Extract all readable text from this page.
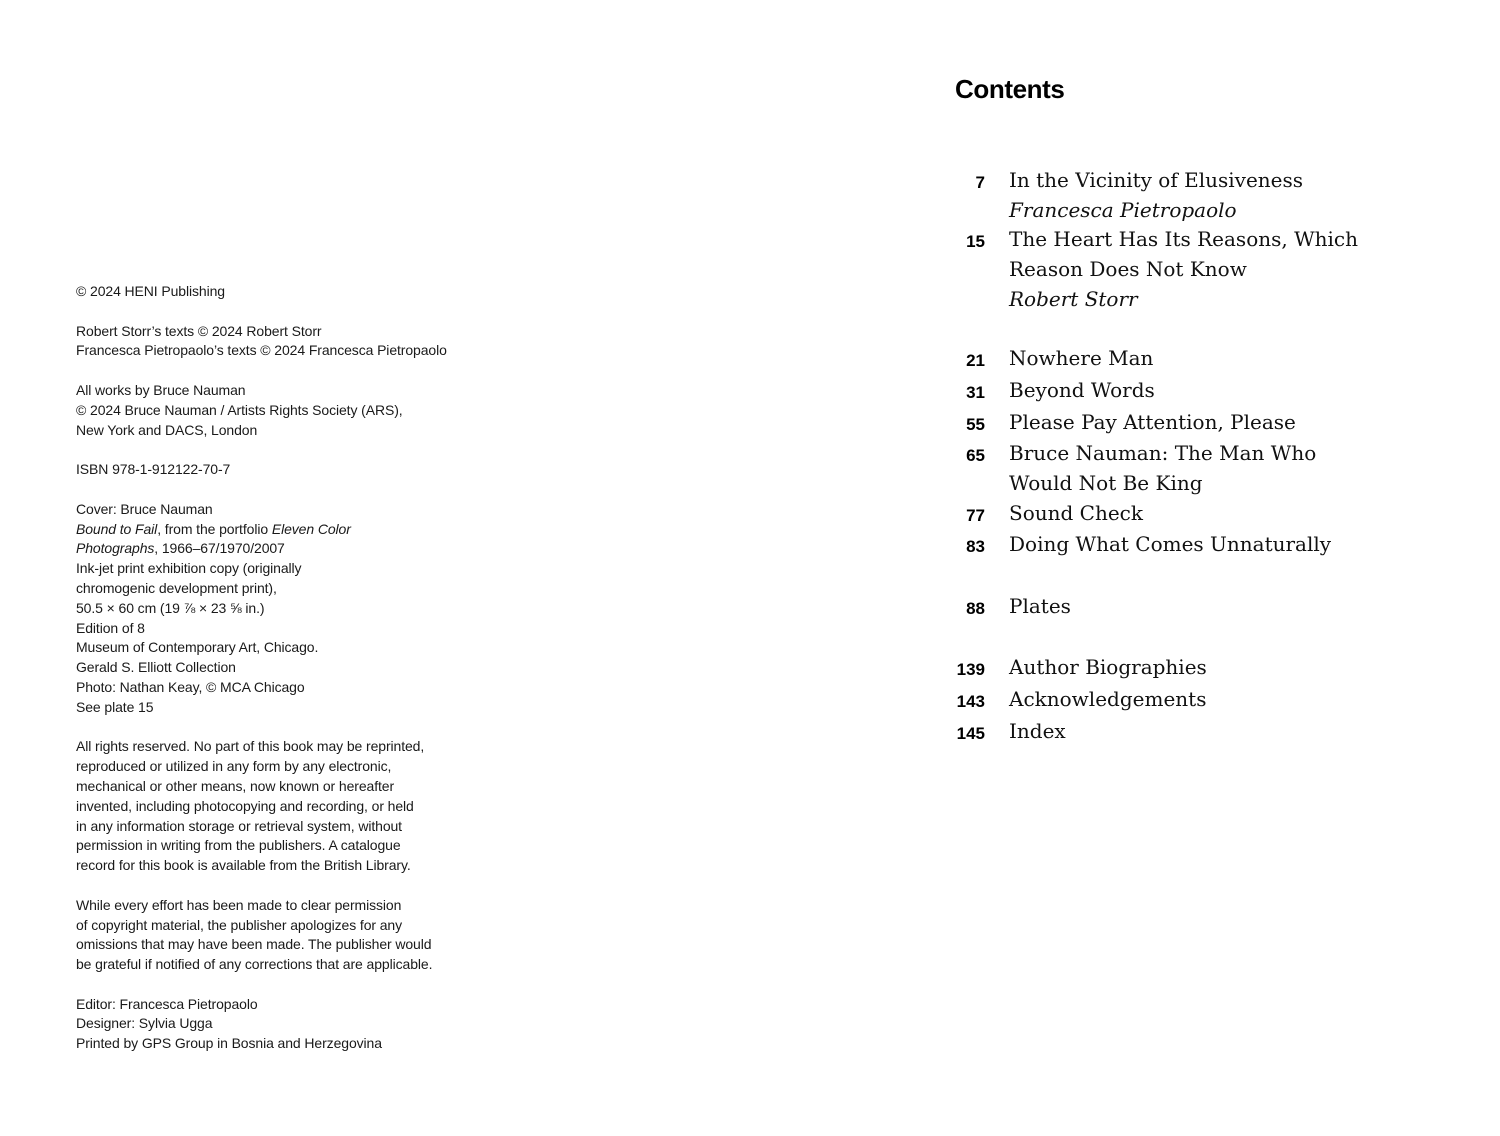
© 2024 HENI Publishing

Robert Storr’s texts © 2024 Robert Storr
Francesca Pietropaolo’s texts © 2024 Francesca Pietropaolo

All works by Bruce Nauman
© 2024 Bruce Nauman / Artists Rights Society (ARS),
New York and DACS, London

ISBN 978-1-912122-70-7

Cover: Bruce Nauman
Bound to Fail, from the portfolio Eleven Color
Photographs, 1966–67/1970/2007
Ink-jet print exhibition copy (originally
chromogenic development print),
50.5 × 60 cm (19 ⅞ × 23 ⅝ in.)
Edition of 8
Museum of Contemporary Art, Chicago.
Gerald S. Elliott Collection
Photo: Nathan Keay, © MCA Chicago
See plate 15

All rights reserved. No part of this book may be reprinted,
reproduced or utilized in any form by any electronic,
mechanical or other means, now known or hereafter
invented, including photocopying and recording, or held
in any information storage or retrieval system, without
permission in writing from the publishers. A catalogue
record for this book is available from the British Library.

While every effort has been made to clear permission
of copyright material, the publisher apologizes for any
omissions that may have been made. The publisher would
be grateful if notified of any corrections that are applicable.

Editor: Francesca Pietropaolo
Designer: Sylvia Ugga
Printed by GPS Group in Bosnia and Herzegovina

Contents
7 In the Vicinity of Elusiveness
Francesca Pietropaolo
15 The Heart Has Its Reasons, Which
Reason Does Not Know
Robert Storr
21 Nowhere Man
31 Beyond Words
55 Please Pay Attention, Please
65 Bruce Nauman: The Man Who
Would Not Be King
77 Sound Check
83 Doing What Comes Unnaturally
88 Plates
139 Author Biographies
143 Acknowledgements
145 Index
